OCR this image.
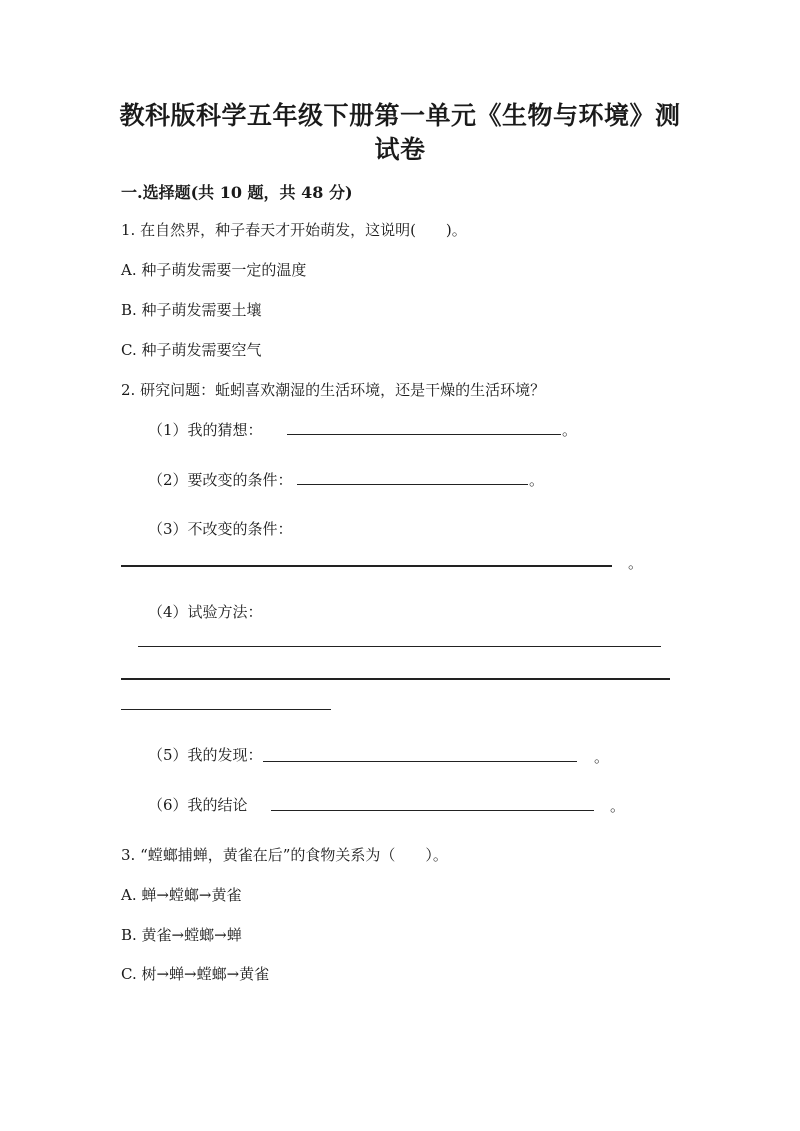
教科版科学五年级下册第一单元《生物与环境》测
试卷
一.选择题(共 10 题，共 48 分)
1. 在自然界，种子春天才开始萌发，这说明(　　)。
A. 种子萌发需要一定的温度
B. 种子萌发需要土壤
C. 种子萌发需要空气
2. 研究问题：蚯蚓喜欢潮湿的生活环境，还是干燥的生活环境？
（1）我的猜想：	。
（2）要改变的条件：	。
（3）不改变的条件：
。
（4）试验方法：
（5）我的发现：	。
（6）我的结论	。
3. “螳螂捕蝉，黄雀在后”的食物关系为（　　）。
A. 蝉→螳螂→黄雀
B. 黄雀→螳螂→蝉
C. 树→蝉→螳螂→黄雀
